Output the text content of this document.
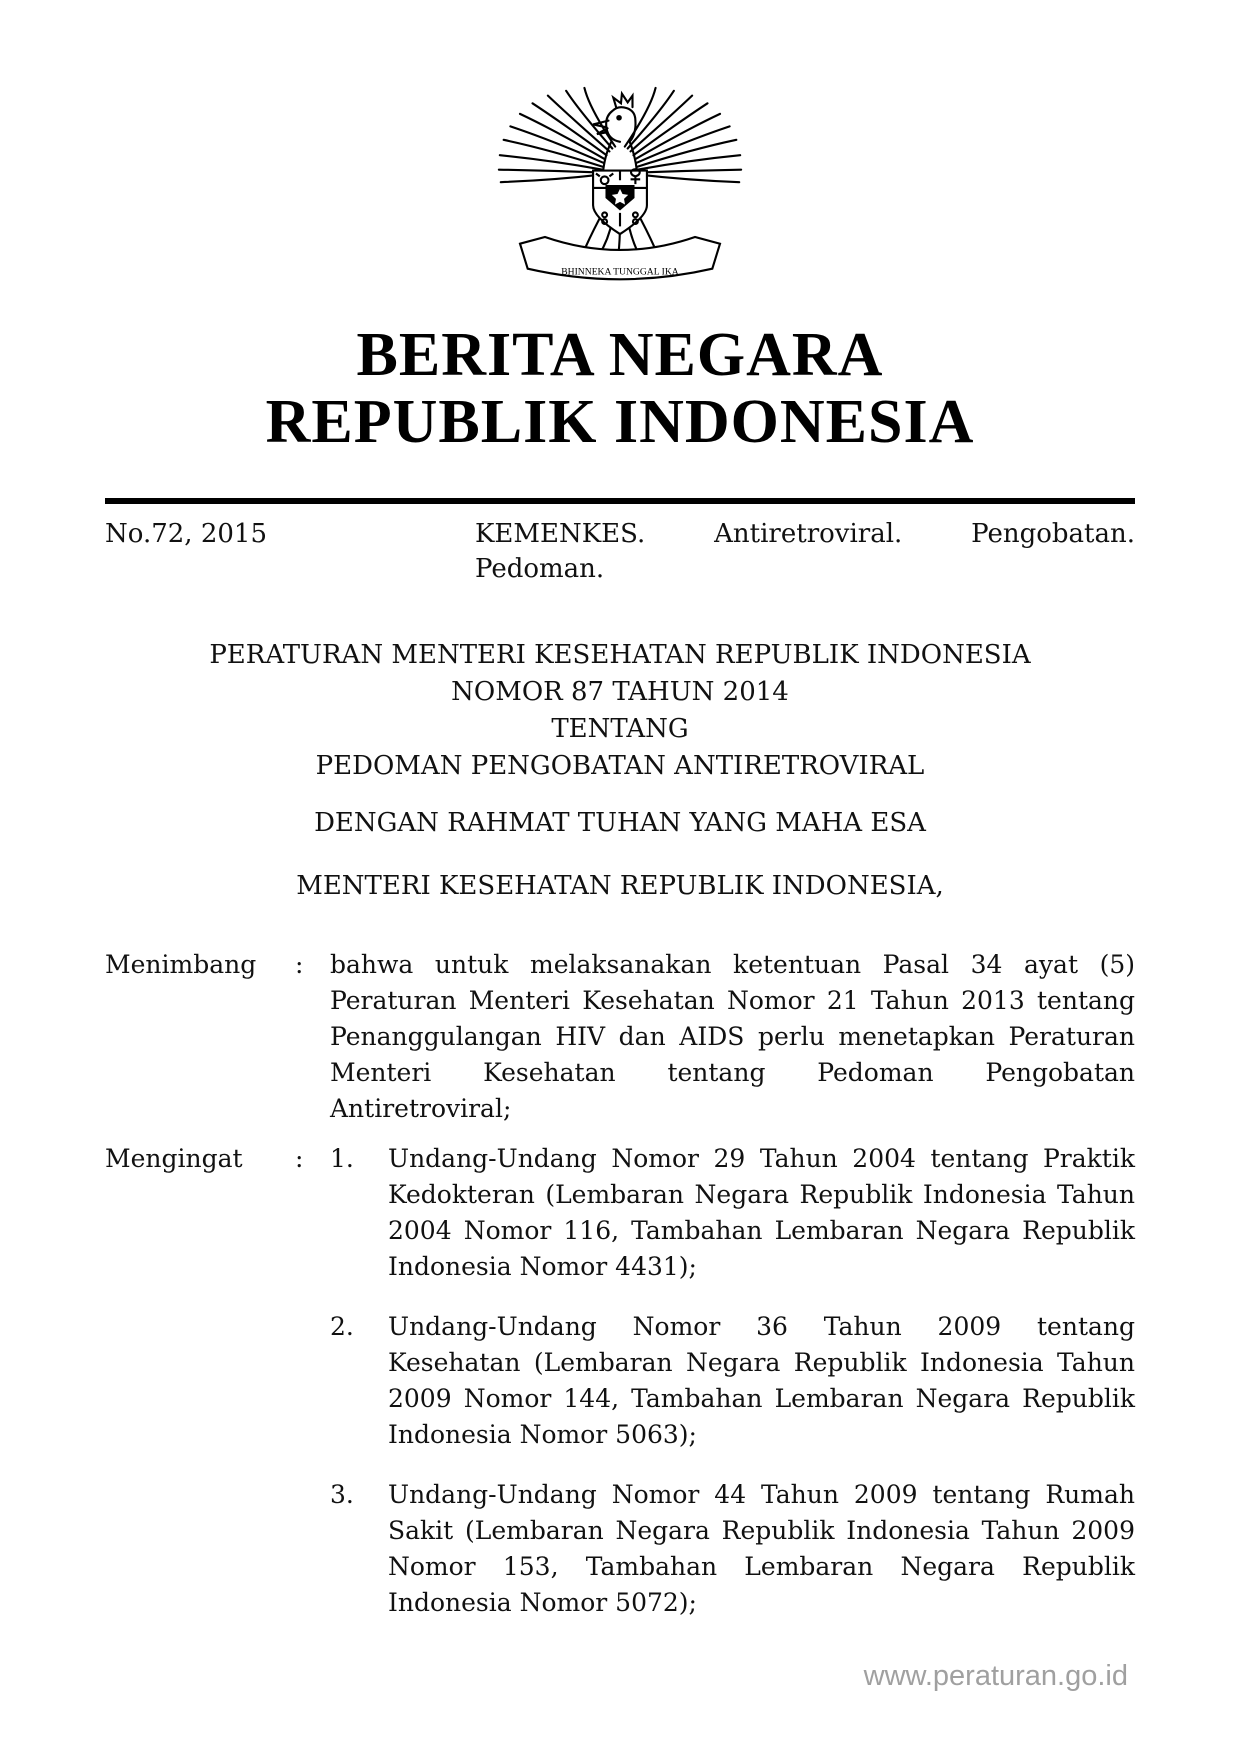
BHINNEKA TUNGGAL IKA
BERITA NEGARA
REPUBLIK INDONESIA
No.72, 2015	KEMENKES.	Antiretroviral.	Pengobatan.
Pedoman.
PERATURAN MENTERI KESEHATAN REPUBLIK INDONESIA
NOMOR 87 TAHUN 2014
TENTANG
PEDOMAN PENGOBATAN ANTIRETROVIRAL

DENGAN RAHMAT TUHAN YANG MAHA ESA

MENTERI KESEHATAN REPUBLIK INDONESIA,

Menimbang	:	bahwa untuk melaksanakan ketentuan Pasal 34 ayat (5) Peraturan Menteri Kesehatan Nomor 21 Tahun 2013 tentang Penanggulangan HIV dan AIDS perlu menetapkan Peraturan Menteri Kesehatan tentang Pedoman Pengobatan Antiretroviral;
Mengingat	:	1.	Undang-Undang Nomor 29 Tahun 2004 tentang Praktik Kedokteran (Lembaran Negara Republik Indonesia Tahun 2004 Nomor 116, Tambahan Lembaran Negara Republik Indonesia Nomor 4431);
2.	Undang-Undang Nomor 36 Tahun 2009 tentang Kesehatan (Lembaran Negara Republik Indonesia Tahun 2009 Nomor 144, Tambahan Lembaran Negara Republik Indonesia Nomor 5063);
3.	Undang-Undang Nomor 44 Tahun 2009 tentang Rumah Sakit (Lembaran Negara Republik Indonesia Tahun 2009 Nomor 153, Tambahan Lembaran Negara Republik Indonesia Nomor 5072);
www.peraturan.go.id
